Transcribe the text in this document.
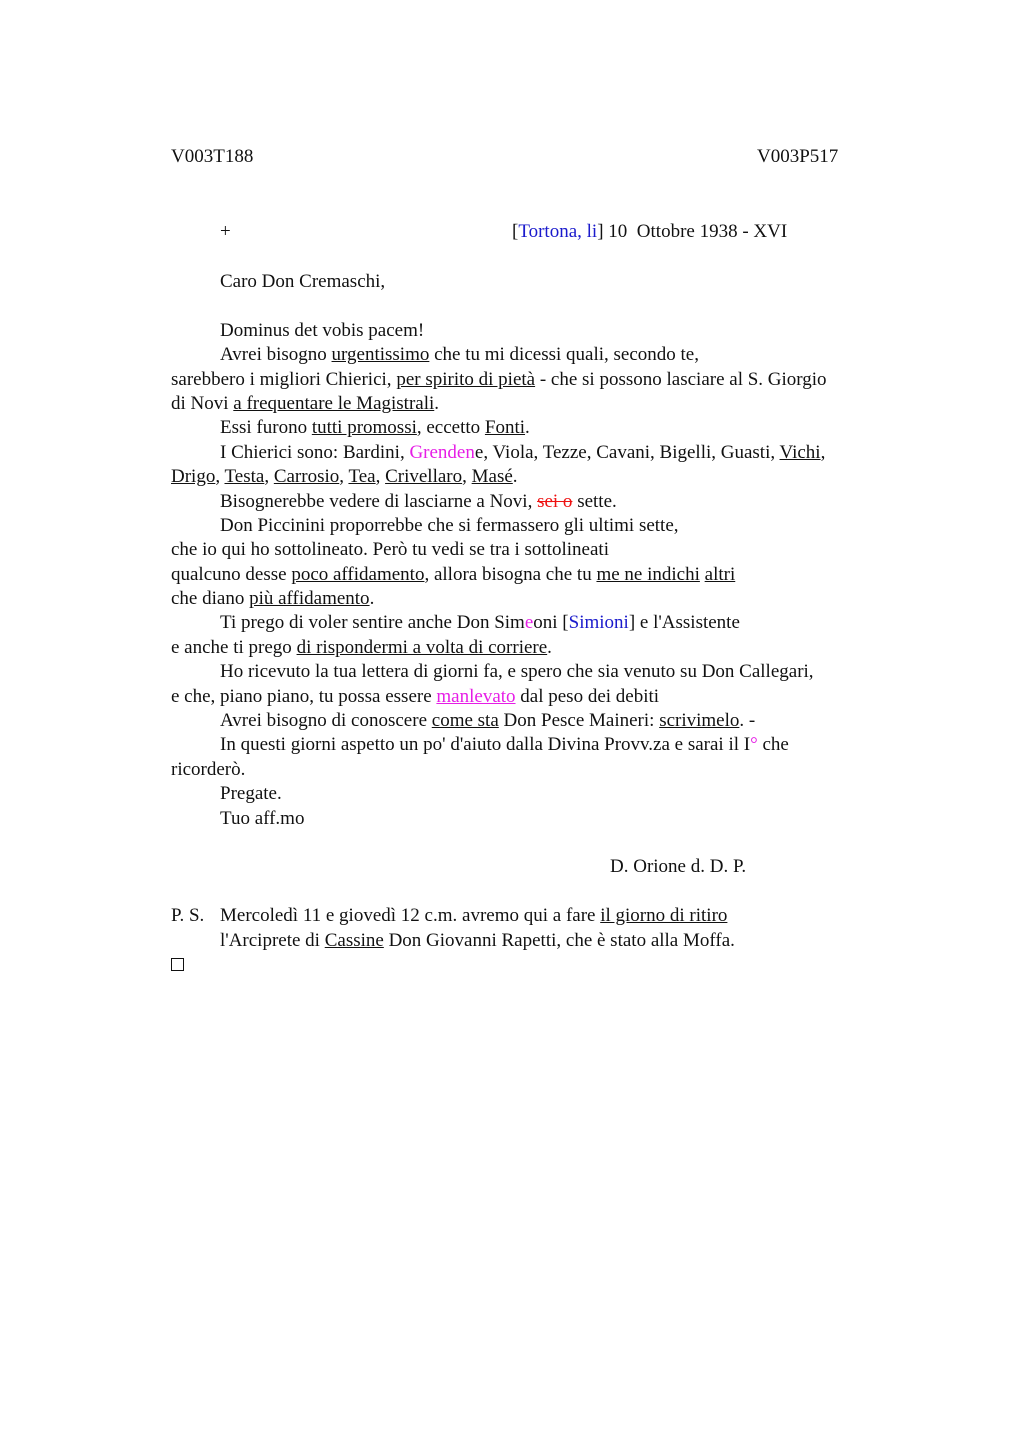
V003T188	V003P517
+	[Tortona, li] 10  Ottobre 1938 - XVI
Caro Don Cremaschi,
Dominus det vobis pacem!
Avrei bisogno urgentissimo che tu mi dicessi quali, secondo te,
sarebbero i migliori Chierici, per spirito di pietà - che si possono lasciare al S. Giorgio
di Novi a frequentare le Magistrali.
Essi furono tutti promossi, eccetto Fonti.
I Chierici sono: Bardini, Grendene, Viola, Tezze, Cavani, Bigelli, Guasti, Vichi,
Drigo, Testa, Carrosio, Tea, Crivellaro, Masé.
Bisognerebbe vedere di lasciarne a Novi, sei o sette.
Don Piccinini proporrebbe che si fermassero gli ultimi sette,
che io qui ho sottolineato. Però tu vedi se tra i sottolineati
qualcuno desse poco affidamento, allora bisogna che tu me ne indichi altri
che diano più affidamento.
Ti prego di voler sentire anche Don Simeoni [Simioni] e l'Assistente
e anche ti prego di rispondermi a volta di corriere.
Ho ricevuto la tua lettera di giorni fa, e spero che sia venuto su Don Callegari,
e che, piano piano, tu possa essere manlevato dal peso dei debiti
Avrei bisogno di conoscere come sta Don Pesce Maineri: scrivimelo. -
In questi giorni aspetto un po' d'aiuto dalla Divina Provv.za e sarai il I° che
ricorderò.
Pregate.
Tuo aff.mo
D. Orione d. D. P.
P. S. Mercoledì 11 e giovedì 12 c.m. avremo qui a fare il giorno di ritiro
l'Arciprete di Cassine Don Giovanni Rapetti, che è stato alla Moffa.
